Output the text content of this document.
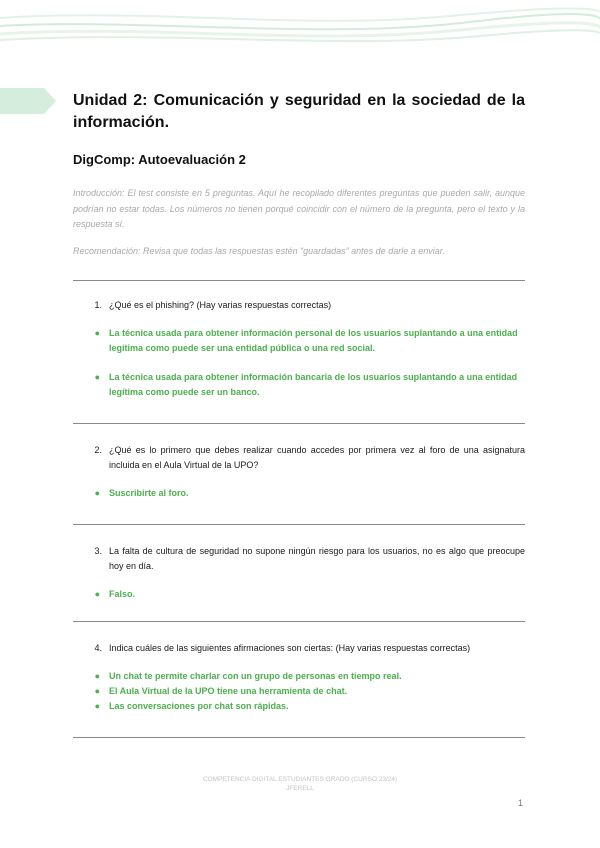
Unidad 2: Comunicación y seguridad en la sociedad de la información.
DigComp: Autoevaluación 2

Introducción: El test consiste en 5 preguntas. Aquí he recopilado diferentes preguntas que pueden salir, aunque podrían no estar todas. Los números no tienen porqué coincidir con el número de la pregunta, pero el texto y la respuesta sí.

Recomendación: Revisa que todas las respuestas estén “guardadas” antes de darle a enviar.

1. ¿Qué es el phishing? (Hay varias respuestas correctas)
●	La técnica usada para obtener información personal de los usuarios suplantando a una entidad legítima como puede ser una entidad pública o una red social.
●	La técnica usada para obtener información bancaria de los usuarios suplantando a una entidad legítima como puede ser un banco.
2. ¿Qué es lo primero que debes realizar cuando accedes por primera vez al foro de una asignatura incluida en el Aula Virtual de la UPO?
●	Suscribirte al foro.
3. La falta de cultura de seguridad no supone ningún riesgo para los usuarios, no es algo que preocupe hoy en día.
●	Falso.
4. Indica cuáles de las siguientes afirmaciones son ciertas: (Hay varias respuestas correctas)
●	Un chat te permite charlar con un grupo de personas en tiempo real.
●	El Aula Virtual de la UPO tiene una herramienta de chat.
●	Las conversaciones por chat son rápidas.
COMPETENCIA DIGITAL ESTUDIANTES GRADO (CURSO 23/24)
JFERELL
1
